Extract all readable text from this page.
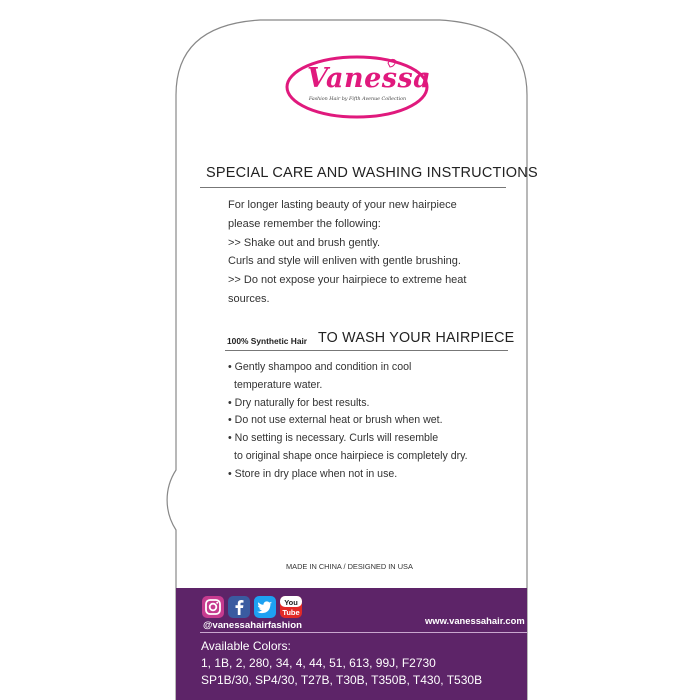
Vanessa
Fashion Hair by Fifth Avenue Collection
SPECIAL CARE AND WASHING INSTRUCTIONS
For longer lasting beauty of your new hairpiece
please remember the following:
>> Shake out and brush gently.
Curls and style will enliven with gentle brushing.
>> Do not expose your hairpiece to extreme heat
sources.
100% Synthetic Hair TO WASH YOUR HAIRPIECE
• Gently shampoo and condition in cool
temperature water.
• Dry naturally for best results.
• Do not use external heat or brush when wet.
• No setting is necessary. Curls will resemble
to original shape once hairpiece is completely dry.
• Store in dry place when not in use.
MADE IN CHINA / DESIGNED IN USA
You
Tube
@vanessahairfashion	www.vanessahair.com
Available Colors:
1, 1B, 2, 280, 34, 4, 44, 51, 613, 99J, F2730
SP1B/30, SP4/30, T27B, T30B, T350B, T430, T530B
